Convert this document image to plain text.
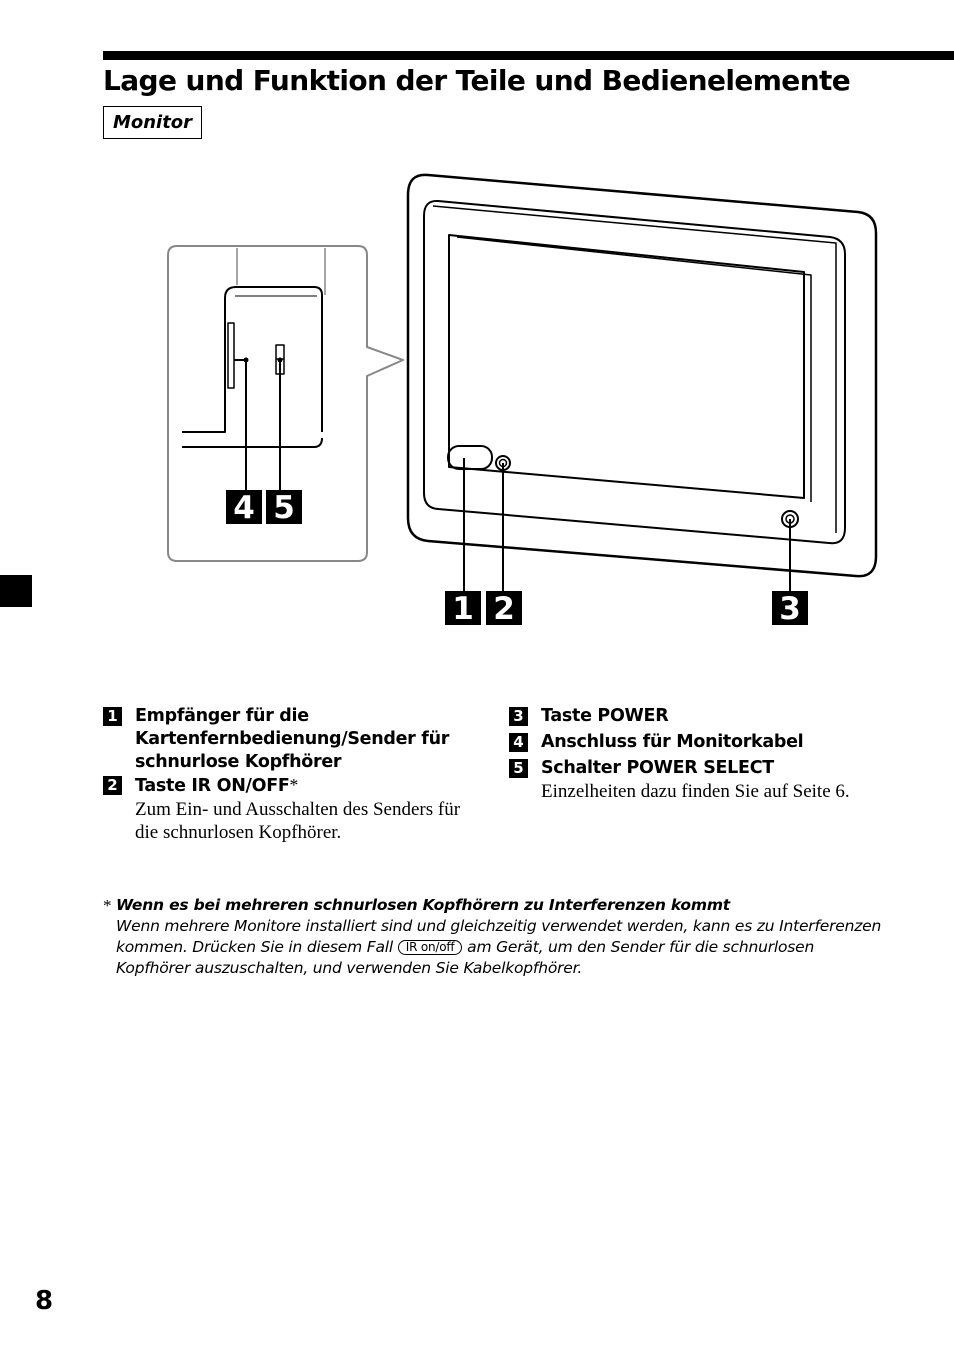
Lage und Funktion der Teile und Bedienelemente
Monitor
4 5
1 2	3
1 Empfänger für die Kartenfernbedienung/Sender für schnurlose Kopfhörer
2 Taste IR ON/OFF*
Zum Ein- und Ausschalten des Senders für die schnurlosen Kopfhörer.
3 Taste POWER
4 Anschluss für Monitorkabel
5 Schalter POWER SELECT
Einzelheiten dazu finden Sie auf Seite 6.
* Wenn es bei mehreren schnurlosen Kopfhörern zu Interferenzen kommt
Wenn mehrere Monitore installiert sind und gleichzeitig verwendet werden, kann es zu Interferenzen kommen. Drücken Sie in diesem Fall IR on/off am Gerät, um den Sender für die schnurlosen Kopfhörer auszuschalten, und verwenden Sie Kabelkopfhörer.
8
